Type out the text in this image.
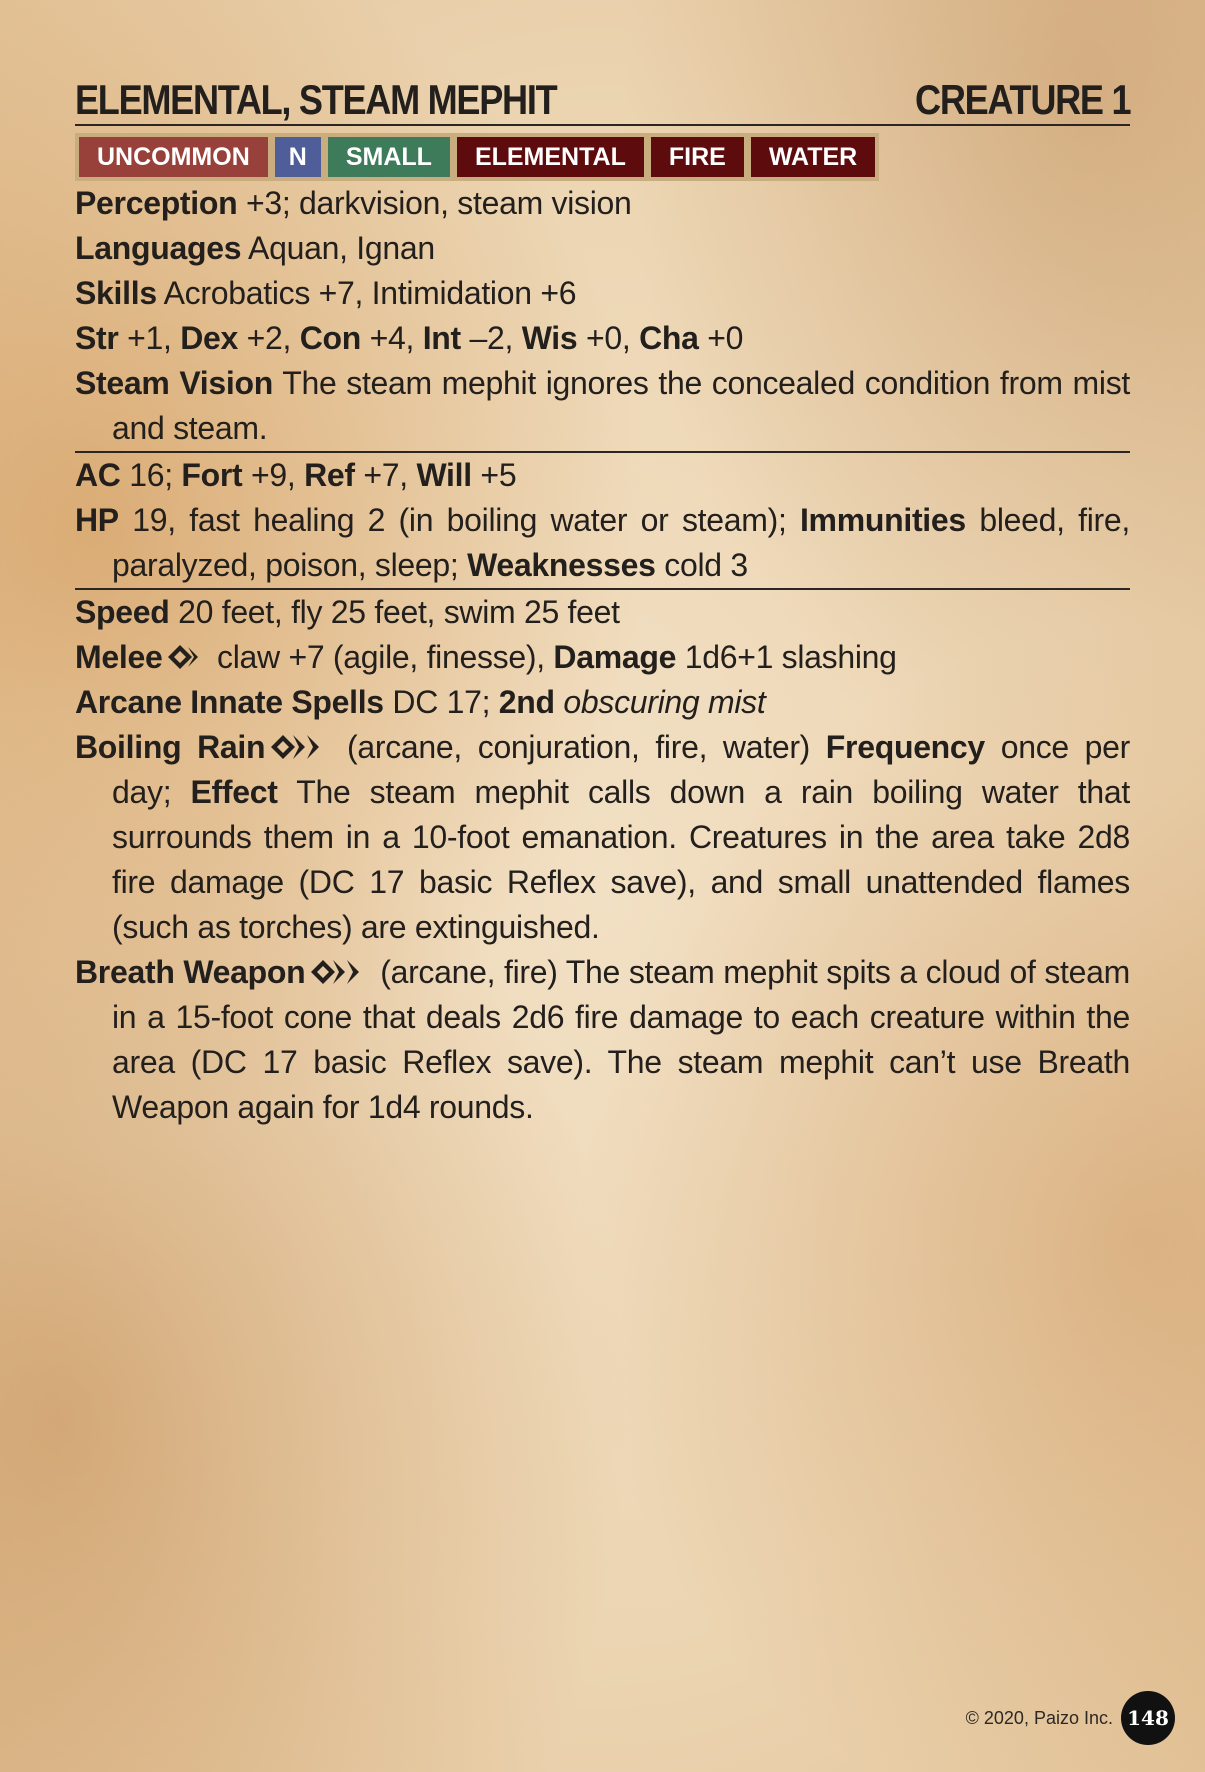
ELEMENTAL, STEAM MEPHIT	CREATURE 1
UNCOMMON	N	SMALL	ELEMENTAL	FIRE	WATER
Perception +3; darkvision, steam vision
Languages Aquan, Ignan
Skills Acrobatics +7, Intimidation +6
Str +1, Dex +2, Con +4, Int –2, Wis +0, Cha +0
Steam Vision The steam mephit ignores the concealed condition from mist and steam.
AC 16; Fort +9, Ref +7, Will +5
HP 19, fast healing 2 (in boiling water or steam); Immunities bleed, fire, paralyzed, poison, sleep; Weaknesses cold 3
Speed 20 feet, fly 25 feet, swim 25 feet
Melee claw +7 (agile, finesse), Damage 1d6+1 slashing
Arcane Innate Spells DC 17; 2nd obscuring mist
Boiling Rain (arcane, conjuration, fire, water) Frequency once per day; Effect The steam mephit calls down a rain boiling water that surrounds them in a 10-foot emanation. Creatures in the area take 2d8 fire damage (DC 17 basic Reflex save), and small unattended flames (such as torches) are extinguished.
Breath Weapon (arcane, fire) The steam mephit spits a cloud of steam in a 15-foot cone that deals 2d6 fire damage to each creature within the area (DC 17 basic Reflex save). The steam mephit can’t use Breath Weapon again for 1d4 rounds.
© 2020, Paizo Inc. 148
